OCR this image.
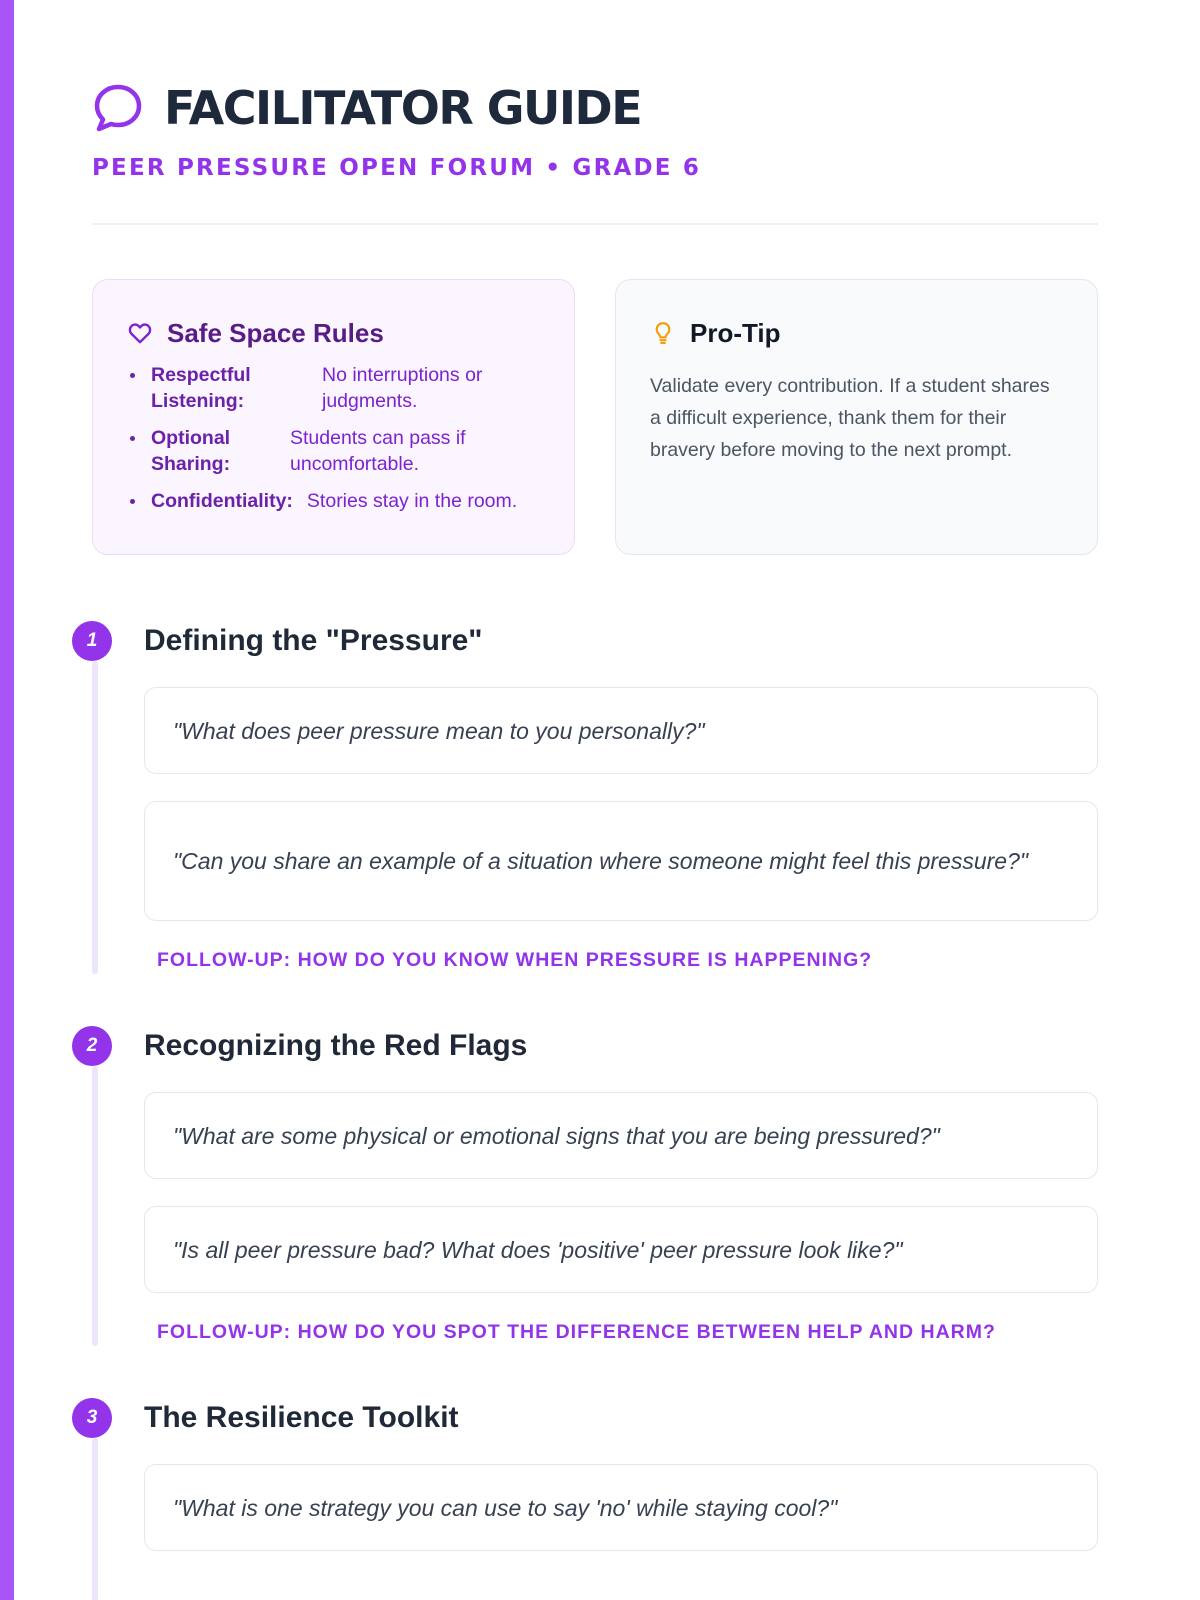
FACILITATOR GUIDE
PEER PRESSURE OPEN FORUM • GRADE 6
Safe Space Rules
Respectful Listening:
No interruptions or judgments.
Optional Sharing:
Students can pass if uncomfortable.
Confidentiality: Stories stay in the room.
Pro-Tip

Validate every contribution. If a student shares a difficult experience, thank them for their bravery before moving to the next prompt.

1	Defining the "Pressure"
"What does peer pressure mean to you personally?"
"Can you share an example of a situation where someone might feel this pressure?"
FOLLOW-UP: HOW DO YOU KNOW WHEN PRESSURE IS HAPPENING?
2	Recognizing the Red Flags
"What are some physical or emotional signs that you are being pressured?"
"Is all peer pressure bad? What does 'positive' peer pressure look like?"
FOLLOW-UP: HOW DO YOU SPOT THE DIFFERENCE BETWEEN HELP AND HARM?
3	The Resilience Toolkit
"What is one strategy you can use to say 'no' while staying cool?"
